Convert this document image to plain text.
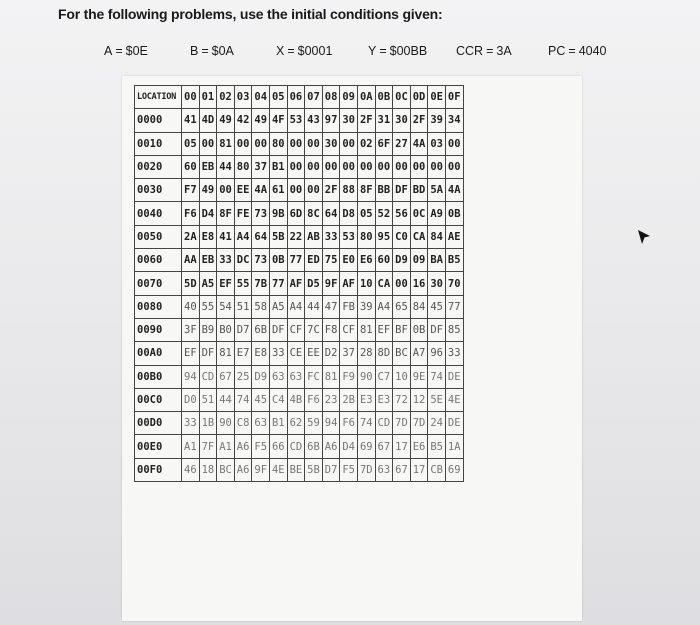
For the following problems, use the initial conditions given:
A = $0E	B = $0A	X = $0001	Y = $00BB CCR = 3A	PC = 4040
LOCATION	00	01	02	03	04	05	06	07	08	09	0A	0B	0C	0D	0E	0F
0000	41	4D	49	42	49	4F	53	43	97	30	2F	31	30	2F	39	34
0010	05	00	81	00	00	80	00	00	30	00	02	6F	27	4A	03	00
0020	60	EB	44	80	37	B1	00	00	00	00	00	00	00	00	00	00
0030	F7	49	00	EE	4A	61	00	00	2F	88	8F	BB	DF	BD	5A	4A
0040	F6	D4	8F	FE	73	9B	6D	8C	64	D8	05	52	56	0C	A9	0B
0050	2A	E8	41	A4	64	5B	22	AB	33	53	80	95	C0	CA	84	AE
0060	AA	EB	33	DC	73	0B	77	ED	75	E0	E6	60	D9	09	BA	B5
0070	5D	A5	EF	55	7B	77	AF	D5	9F	AF	10	CA	00	16	30	70
0080	40	55	54	51	58	A5	A4	44	47	FB	39	A4	65	84	45	77
0090	3F	B9	B0	D7	6B	DF	CF	7C	F8	CF	81	EF	BF	0B	DF	85
00A0	EF	DF	81	E7	E8	33	CE	EE	D2	37	28	8D	BC	A7	96	33
00B0	94	CD	67	25	D9	63	63	FC	81	F9	90	C7	10	9E	74	DE
00C0	D0	51	44	74	45	C4	4B	F6	23	2B	E3	E3	72	12	5E	4E
00D0	33	1B	90	C8	63	B1	62	59	94	F6	74	CD	7D	7D	24	DE
00E0	A1	7F	A1	A6	F5	66	CD	6B	A6	D4	69	67	17	E6	B5	1A
00F0	46	18	BC	A6	9F	4E	BE	5B	D7	F5	7D	63	67	17	CB	69
